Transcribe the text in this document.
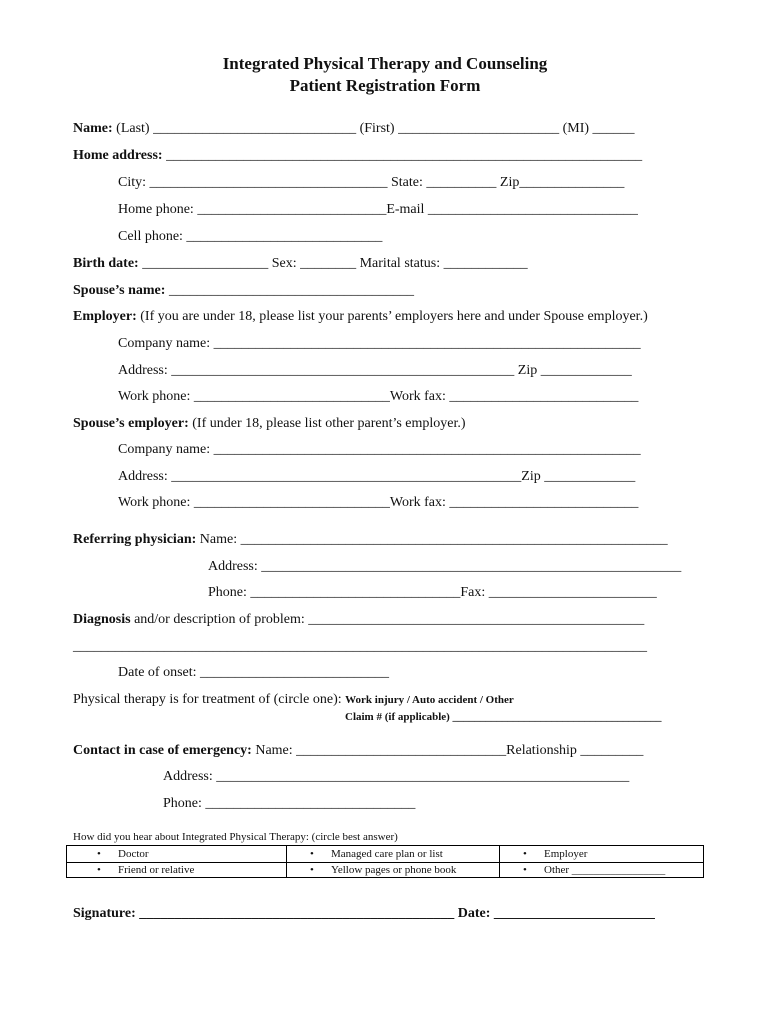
Integrated Physical Therapy and Counseling
Patient Registration Form
Name: (Last) _____________________________ (First) _______________________ (MI) ______
Home address: ____________________________________________________________________
City: __________________________________ State: __________ Zip_______________
Home phone: ___________________________E-mail ______________________________
Cell phone: ____________________________
Birth date: __________________ Sex: ________ Marital status: ____________
Spouse’s name: ___________________________________
Employer: (If you are under 18, please list your parents’ employers here and under Spouse employer.)
Company name: _____________________________________________________________
Address: _________________________________________________ Zip _____________
Work phone: ____________________________Work fax: ___________________________
Spouse’s employer: (If under 18, please list other parent’s employer.)
Company name: _____________________________________________________________
Address: __________________________________________________Zip _____________
Work phone: ____________________________Work fax: ___________________________
Referring physician: Name: _____________________________________________________________
Address: ____________________________________________________________
Phone: ______________________________Fax: ________________________
Diagnosis and/or description of problem: ________________________________________________
__________________________________________________________________________________
Date of onset: ___________________________
Physical therapy is for treatment of (circle one): Work injury / Auto accident / Other
Claim # (if applicable) ______________________________________
Contact in case of emergency: Name: ______________________________Relationship _________
Address: ___________________________________________________________
Phone: ______________________________
How did you hear about Integrated Physical Therapy: (circle best answer)
• Doctor	• Managed care plan or list	• Employer
• Friend or relative	• Yellow pages or phone book	• Other _________________
Signature: _____________________________________________ Date: _______________________
